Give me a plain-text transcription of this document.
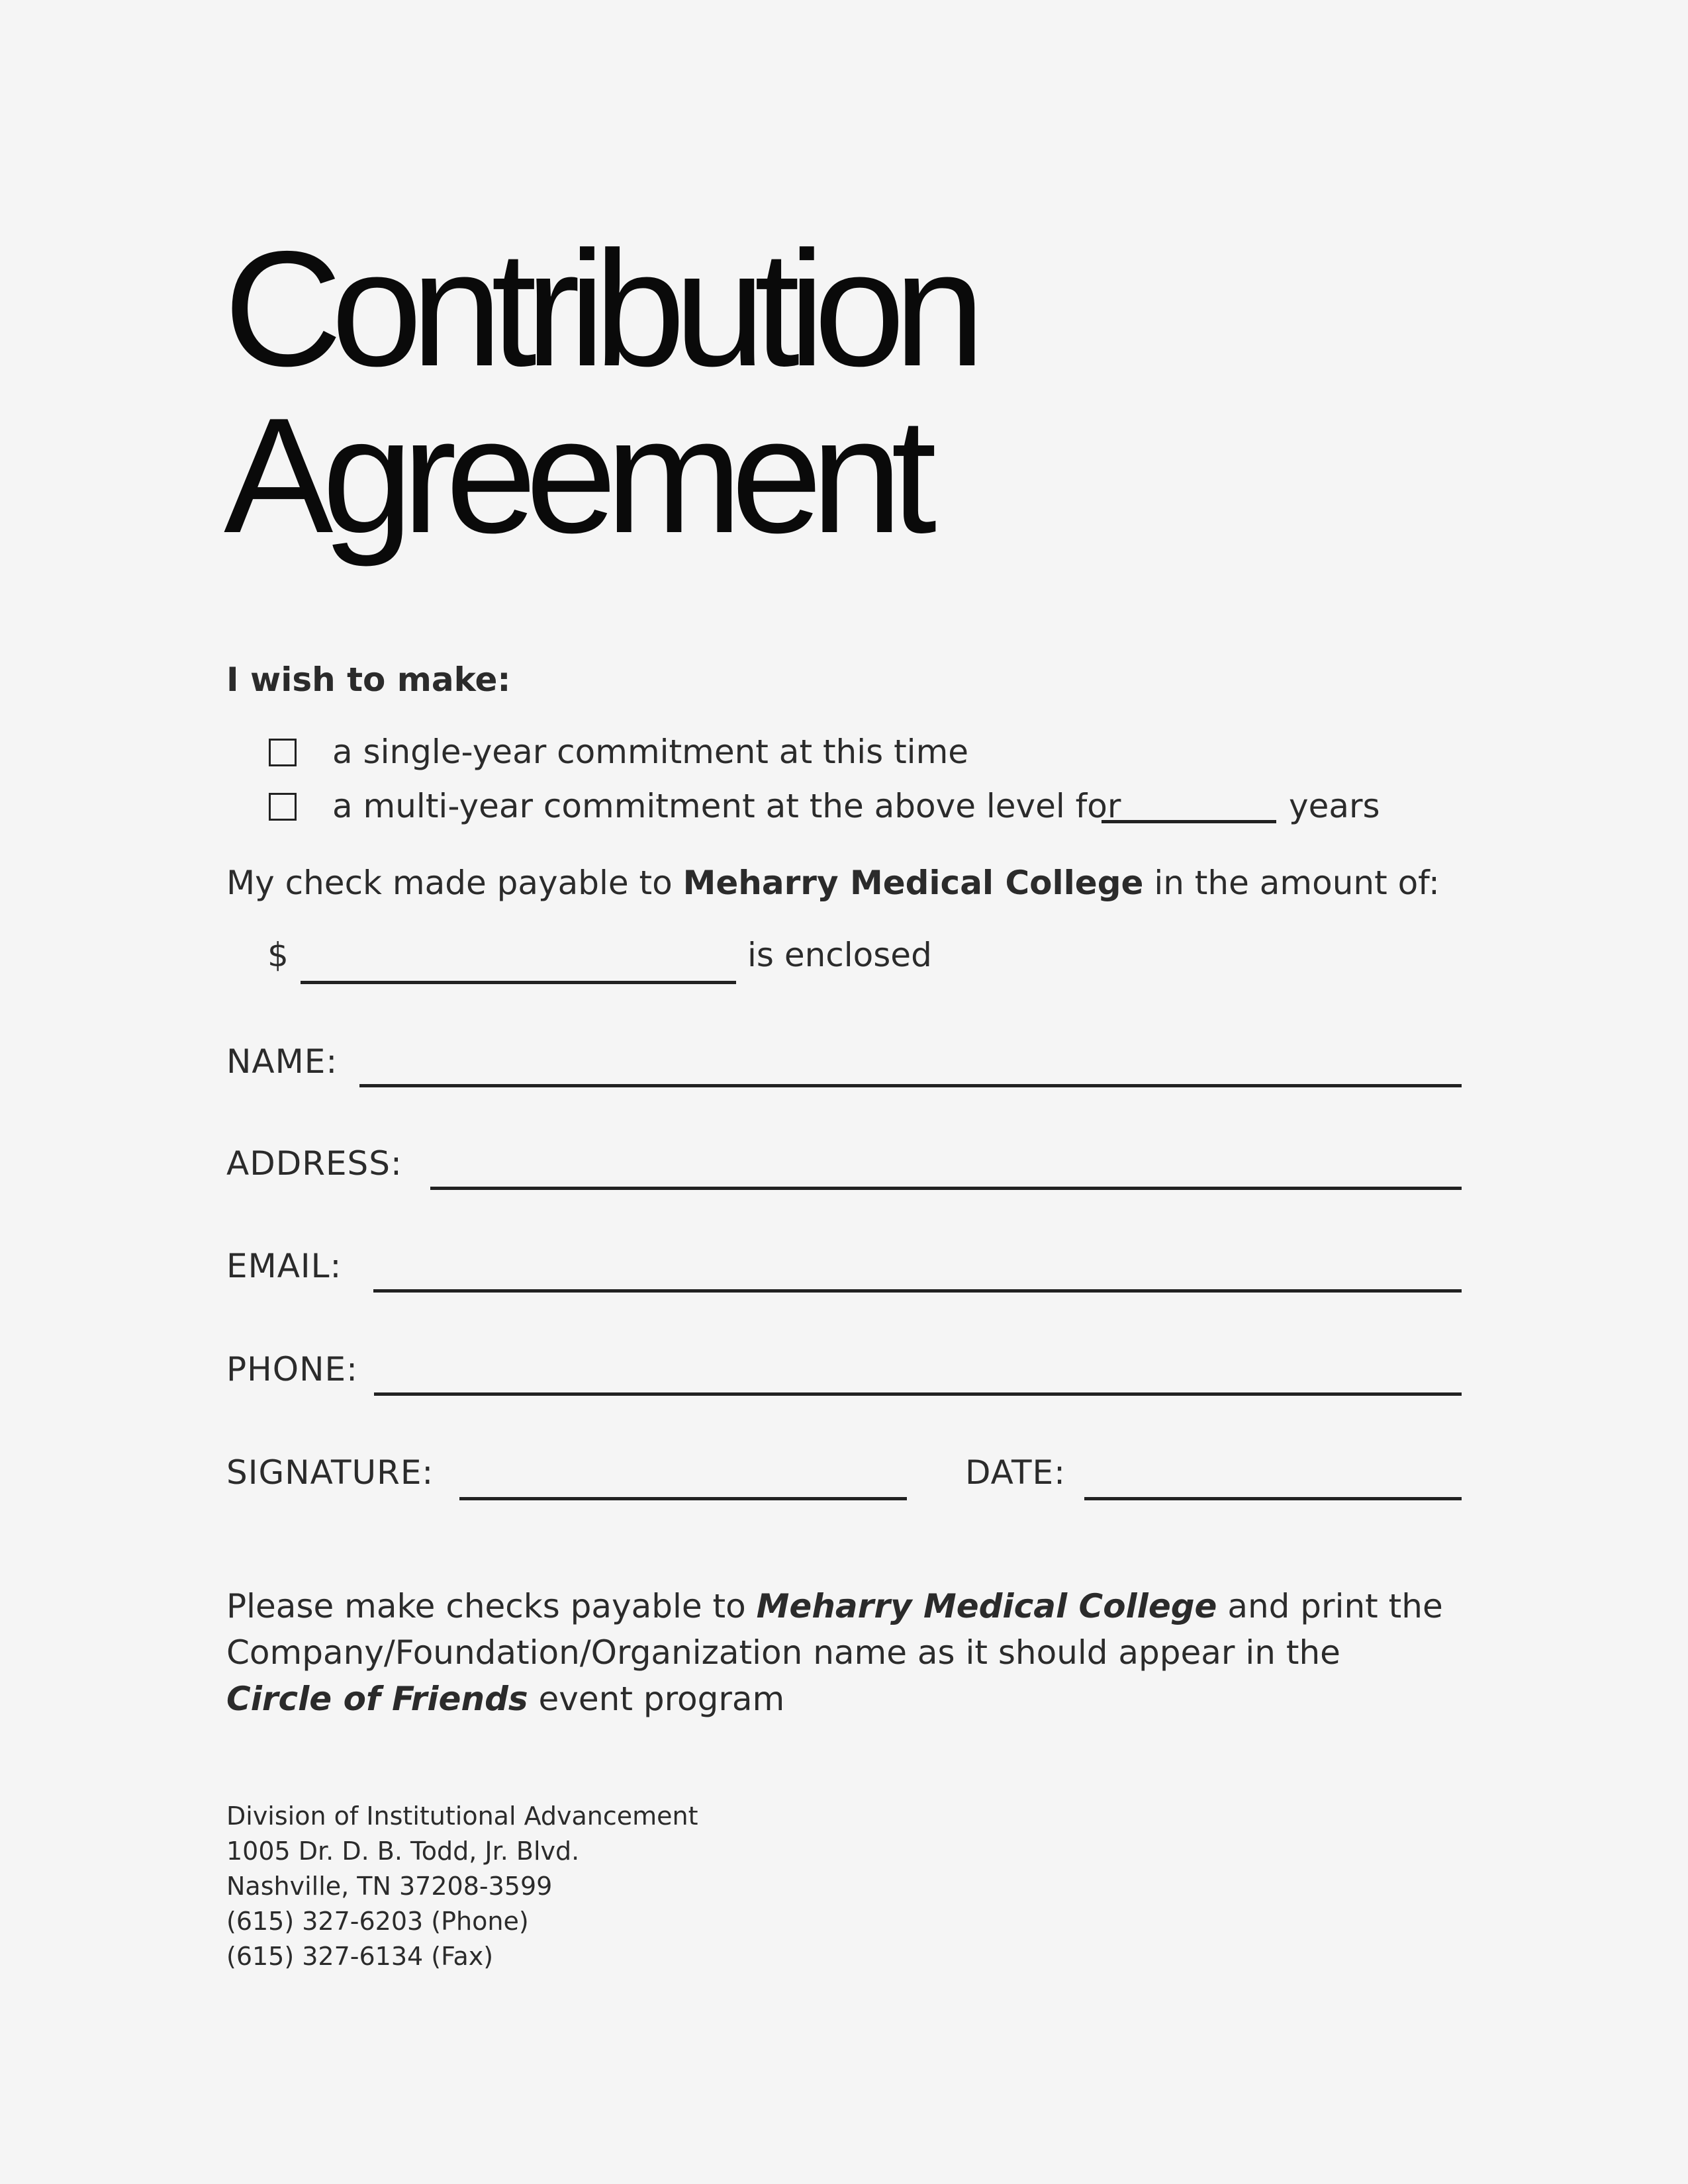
Contribution
Agreement
I wish to make:
a single-year commitment at this time
a multi-year commitment at the above level for	years
My check made payable to Meharry Medical College in the amount of:
$	is enclosed
NAME:
ADDRESS:
EMAIL:
PHONE:
SIGNATURE:	DATE:
Please make checks payable to Meharry Medical College and print the
Company/Foundation/Organization name as it should appear in the
Circle of Friends event program
Division of Institutional Advancement
1005 Dr. D. B. Todd, Jr. Blvd.
Nashville, TN 37208-3599
(615) 327-6203 (Phone)
(615) 327-6134 (Fax)
